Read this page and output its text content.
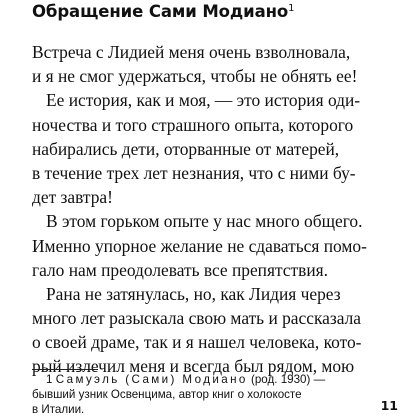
Обращение Сами Модиано$^1$
Встреча с Лидией меня очень взволновала,
и я не смог удержаться, чтобы не обнять ее!
Ее история, как и моя, — это история оди-
ночества и того страшного опыта, которого
набирались дети, оторванные от матерей,
в течение трех лет незнания, что с ними бу-
дет завтра!
В этом горьком опыте у нас много общего.
Именно упорное желание не сдаваться помо-
гало нам преодолевать все препятствия.
Рана не затянулась, но, как Лидия через
много лет разыскала свою мать и рассказала
о своей драме, так и я нашел человека, кото-
рый излечил меня и всегда был рядом, мою
1 Самуэль (Сами) Модиано (род. 1930) —
бывший узник Освенцима, автор книг о холокосте
в Италии.	11
